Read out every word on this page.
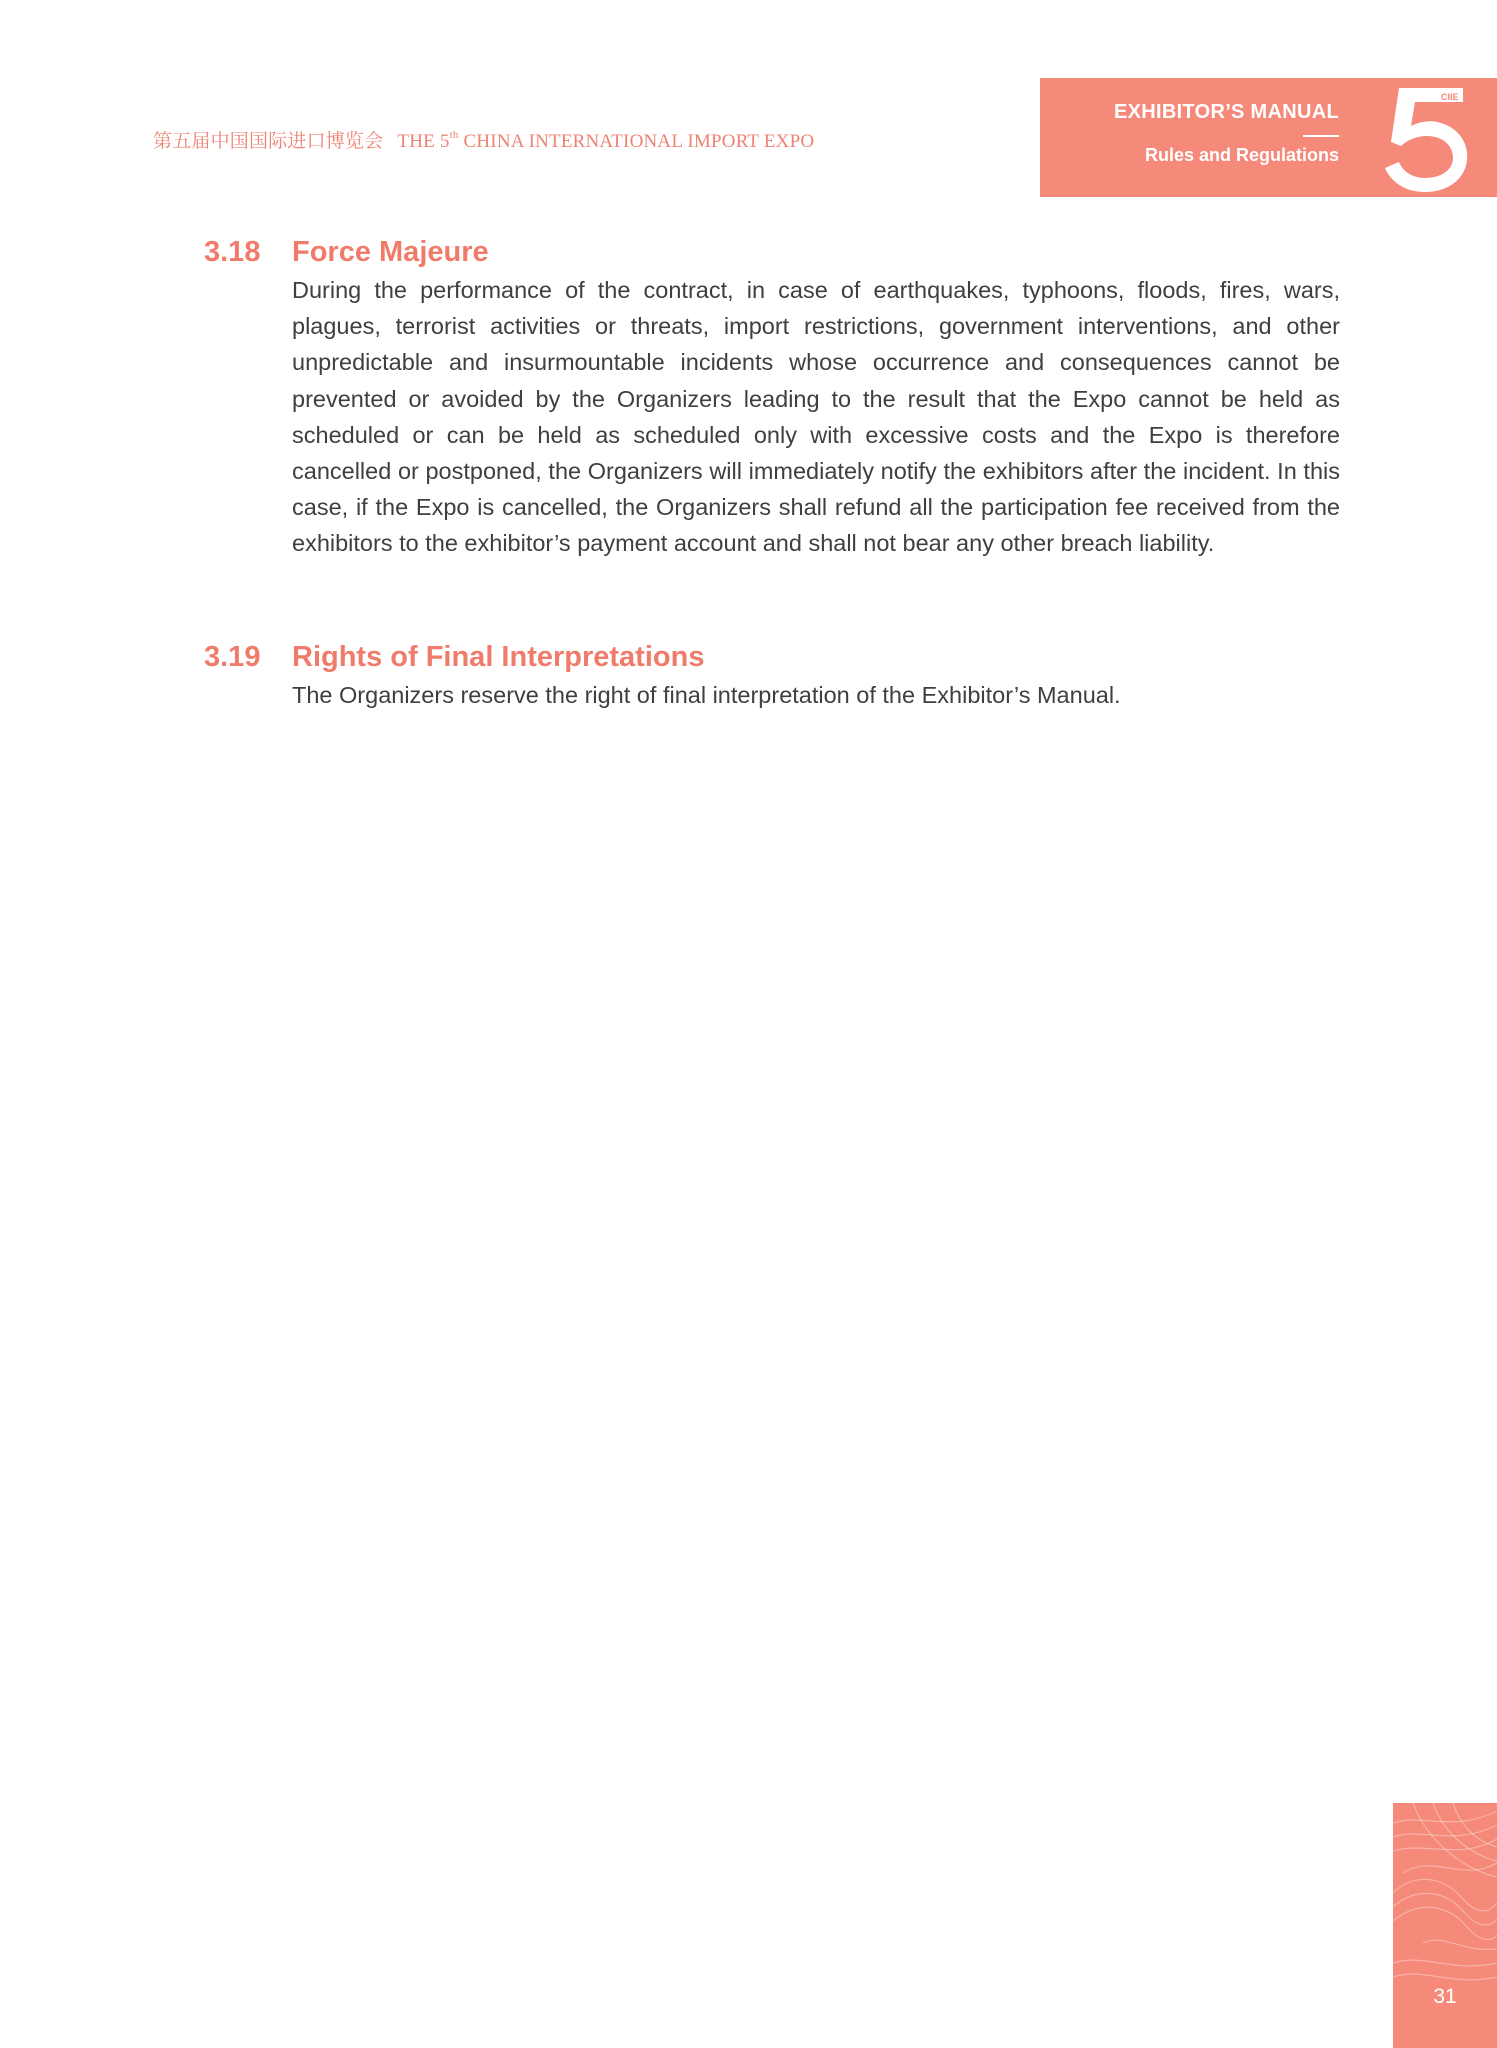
第五届中国国际进口博览会 THE 5th CHINA INTERNATIONAL IMPORT EXPO
EXHIBITOR’S MANUAL
Rules and Regulations
CIIE
3.18	Force Majeure
During the performance of the contract, in case of earthquakes, typhoons, floods, fires, wars, plagues, terrorist activities or threats, import restrictions, government interventions, and other unpredictable and insurmountable incidents whose occurrence and consequences cannot be prevented or avoided by the Organizers leading to the result that the Expo cannot be held as scheduled or can be held as scheduled only with excessive costs and the Expo is therefore cancelled or postponed, the Organizers will immediately notify the exhibitors after the incident. In this case, if the Expo is cancelled, the Organizers shall refund all the participation fee received from the exhibitors to the exhibitor’s payment account and shall not bear any other breach liability.
3.19	Rights of Final Interpretations
The Organizers reserve the right of final interpretation of the Exhibitor’s Manual.
31
